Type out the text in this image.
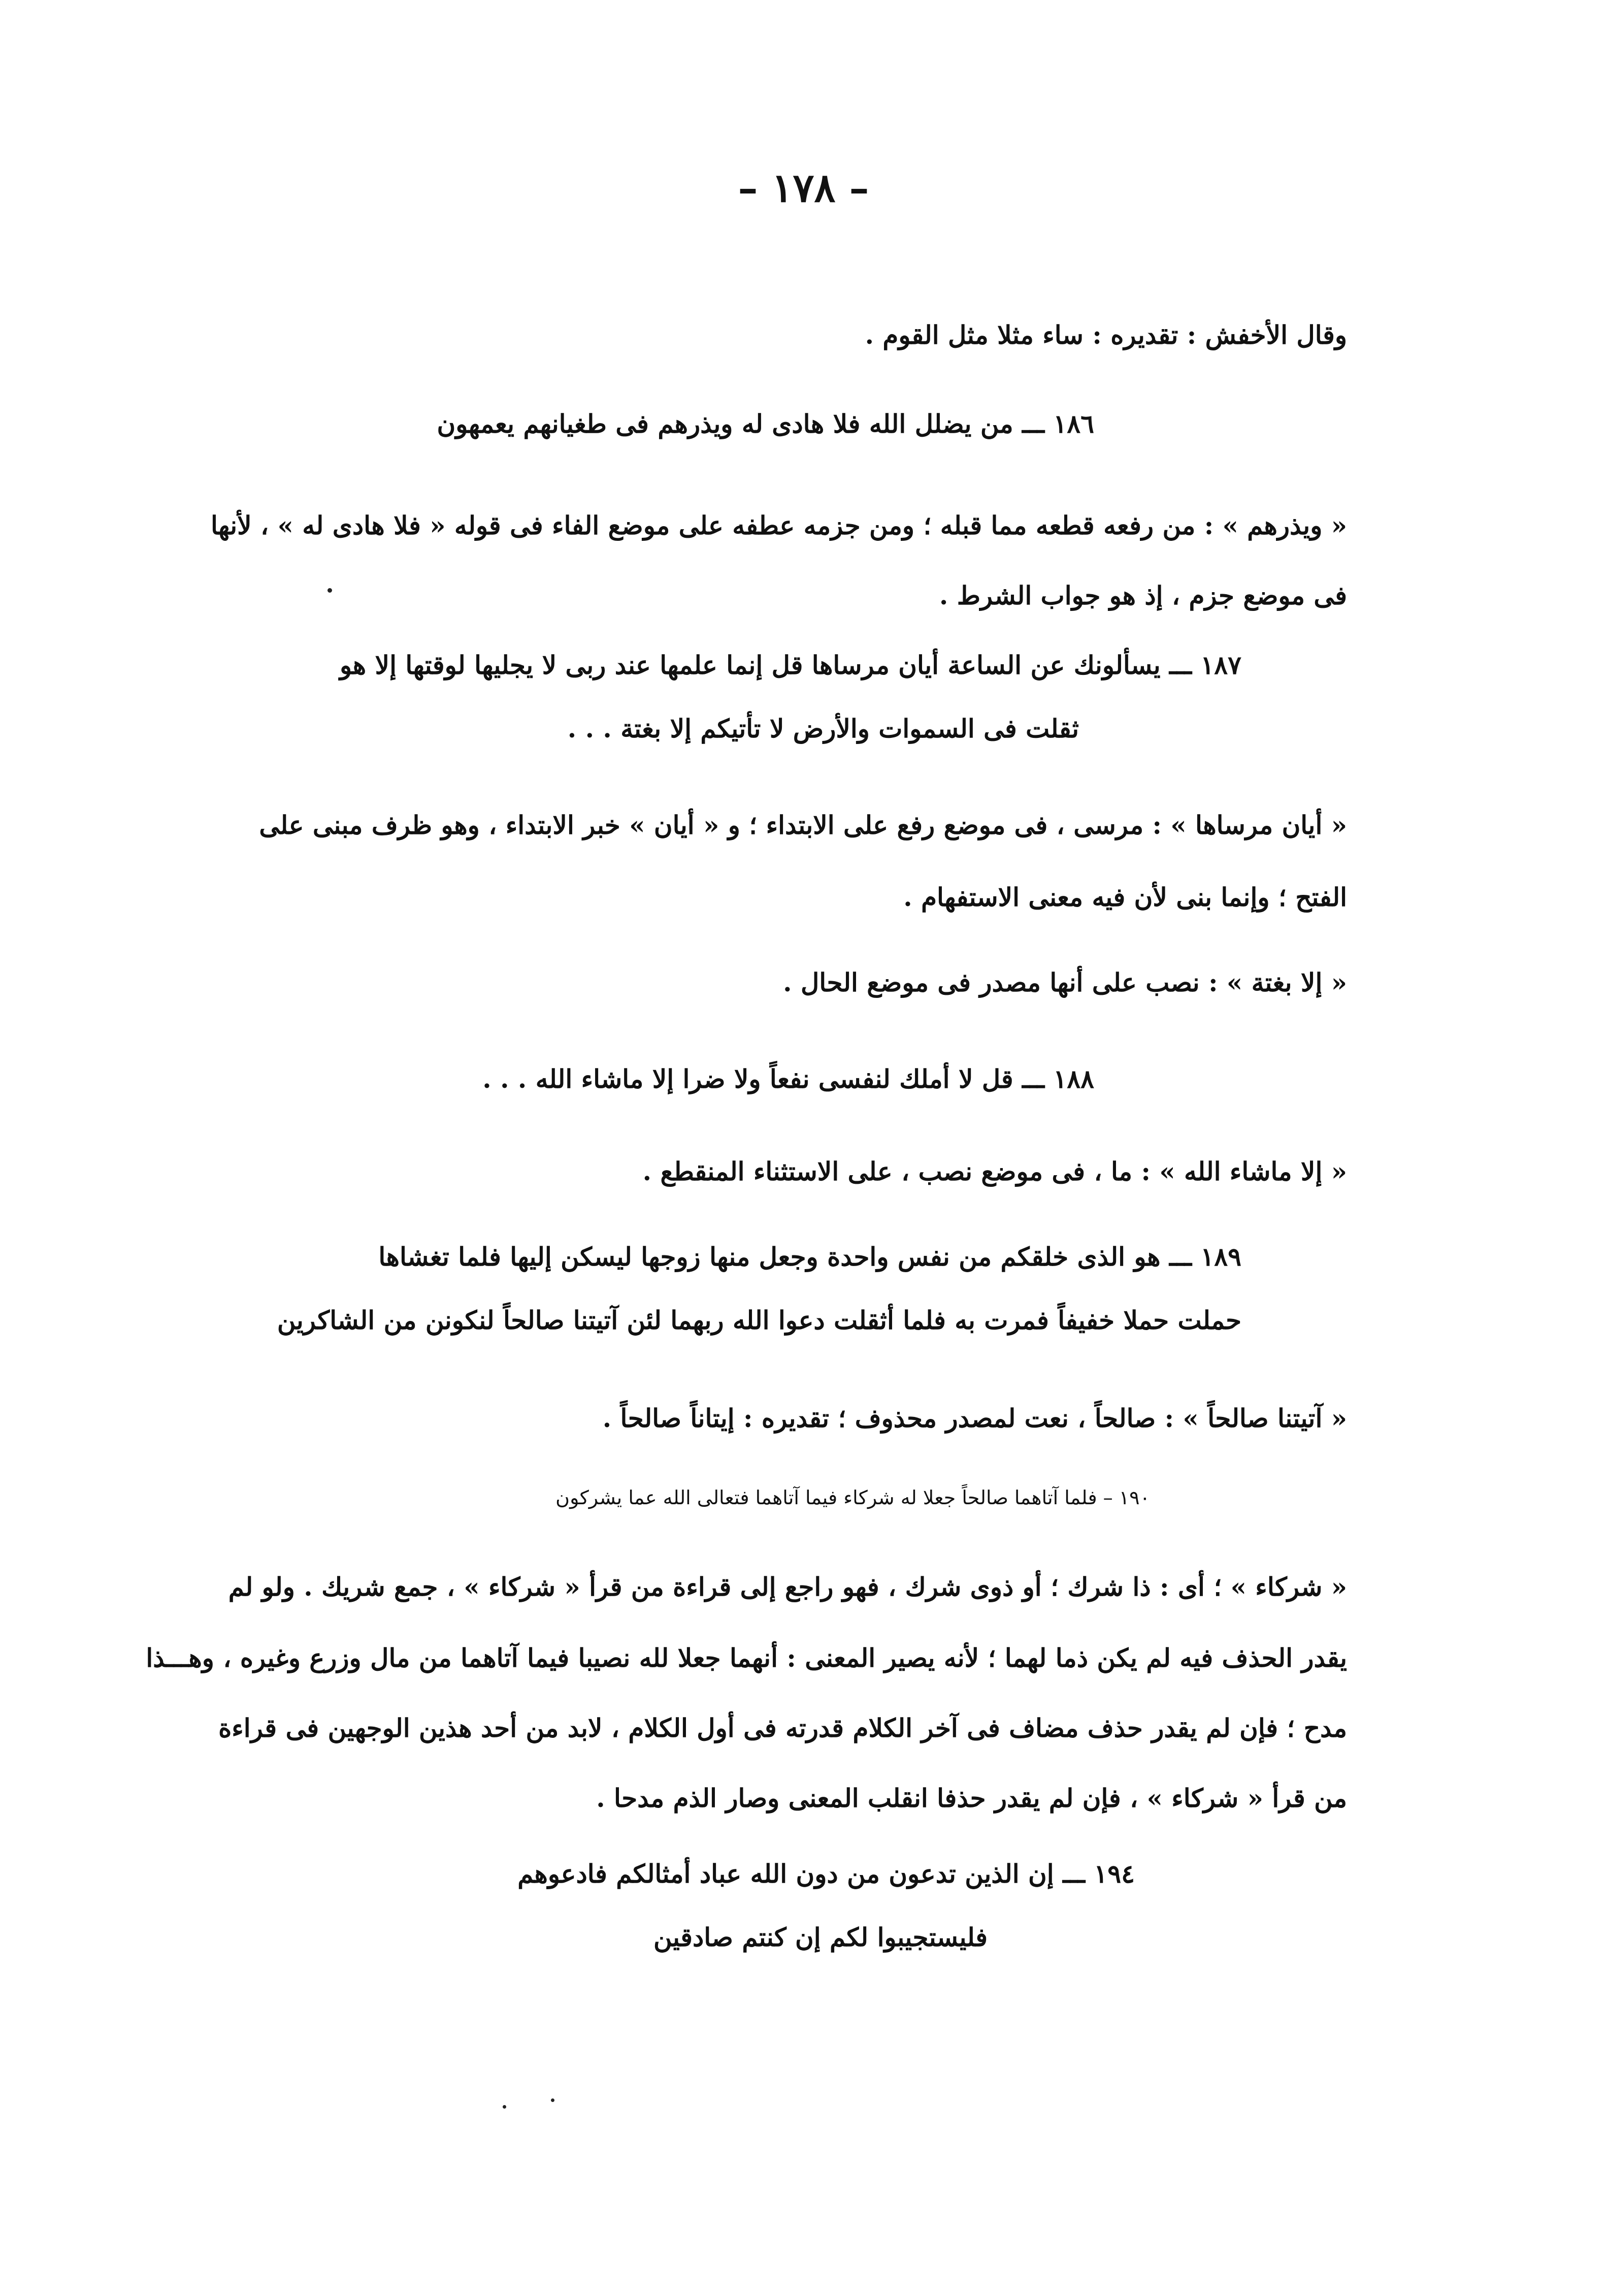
– ١٧٨ –
وقال الأخفش : تقديره : ساء مثلا مثل القوم .
١٨٦ ـــ من يضلل الله فلا هادى له ويذرهم فى طغيانهم يعمهون
« ويذرهم » : من رفعه قطعه مما قبله ؛ ومن جزمه عطفه على موضع الفاء فى قوله « فلا هادى له » ، لأنها
فى موضع جزم ، إذ هو جواب الشرط .
١٨٧ ـــ يسألونك عن الساعة أيان مرساها قل إنما علمها عند ربى لا يجليها لوقتها إلا هو
ثقلت فى السموات والأرض لا تأتيكم إلا بغتة . . .
« أيان مرساها » : مرسى ، فى موضع رفع على الابتداء ؛ و « أيان » خبر الابتداء ، وهو ظرف مبنى على
الفتح ؛ وإنما بنى لأن فيه معنى الاستفهام .
« إلا بغتة » : نصب على أنها مصدر فى موضع الحال .
١٨٨ ـــ قل لا أملك لنفسى نفعاً ولا ضرا إلا ماشاء الله . . .
« إلا ماشاء الله » : ما ، فى موضع نصب ، على الاستثناء المنقطع .
١٨٩ ـــ هو الذى خلقكم من نفس واحدة وجعل منها زوجها ليسكن إليها فلما تغشاها
حملت حملا خفيفاً فمرت به فلما أثقلت دعوا الله ربهما لئن آتيتنا صالحاً لنكونن من الشاكرين
« آتيتنا صالحاً » : صالحاً ، نعت لمصدر محذوف ؛ تقديره : إيتاناً صالحاً .
١٩٠ – فلما آتاهما صالحاً جعلا له شركاء فيما آتاهما فتعالى الله عما يشركون
« شركاء » ؛ أى : ذا شرك ؛ أو ذوى شرك ، فهو راجع إلى قراءة من قرأ « شركاء » ، جمع شريك . ولو لم
يقدر الحذف فيه لم يكن ذما لهما ؛ لأنه يصير المعنى : أنهما جعلا لله نصيبا فيما آتاهما من مال وزرع وغيره ، وهـــذا
مدح ؛ فإن لم يقدر حذف مضاف فى آخر الكلام قدرته فى أول الكلام ، لابد من أحد هذين الوجهين فى قراءة
من قرأ « شركاء » ، فإن لم يقدر حذفا انقلب المعنى وصار الذم مدحا .
١٩٤ ـــ إن الذين تدعون من دون الله عباد أمثالكم فادعوهم
فليستجيبوا لكم إن كنتم صادقين
